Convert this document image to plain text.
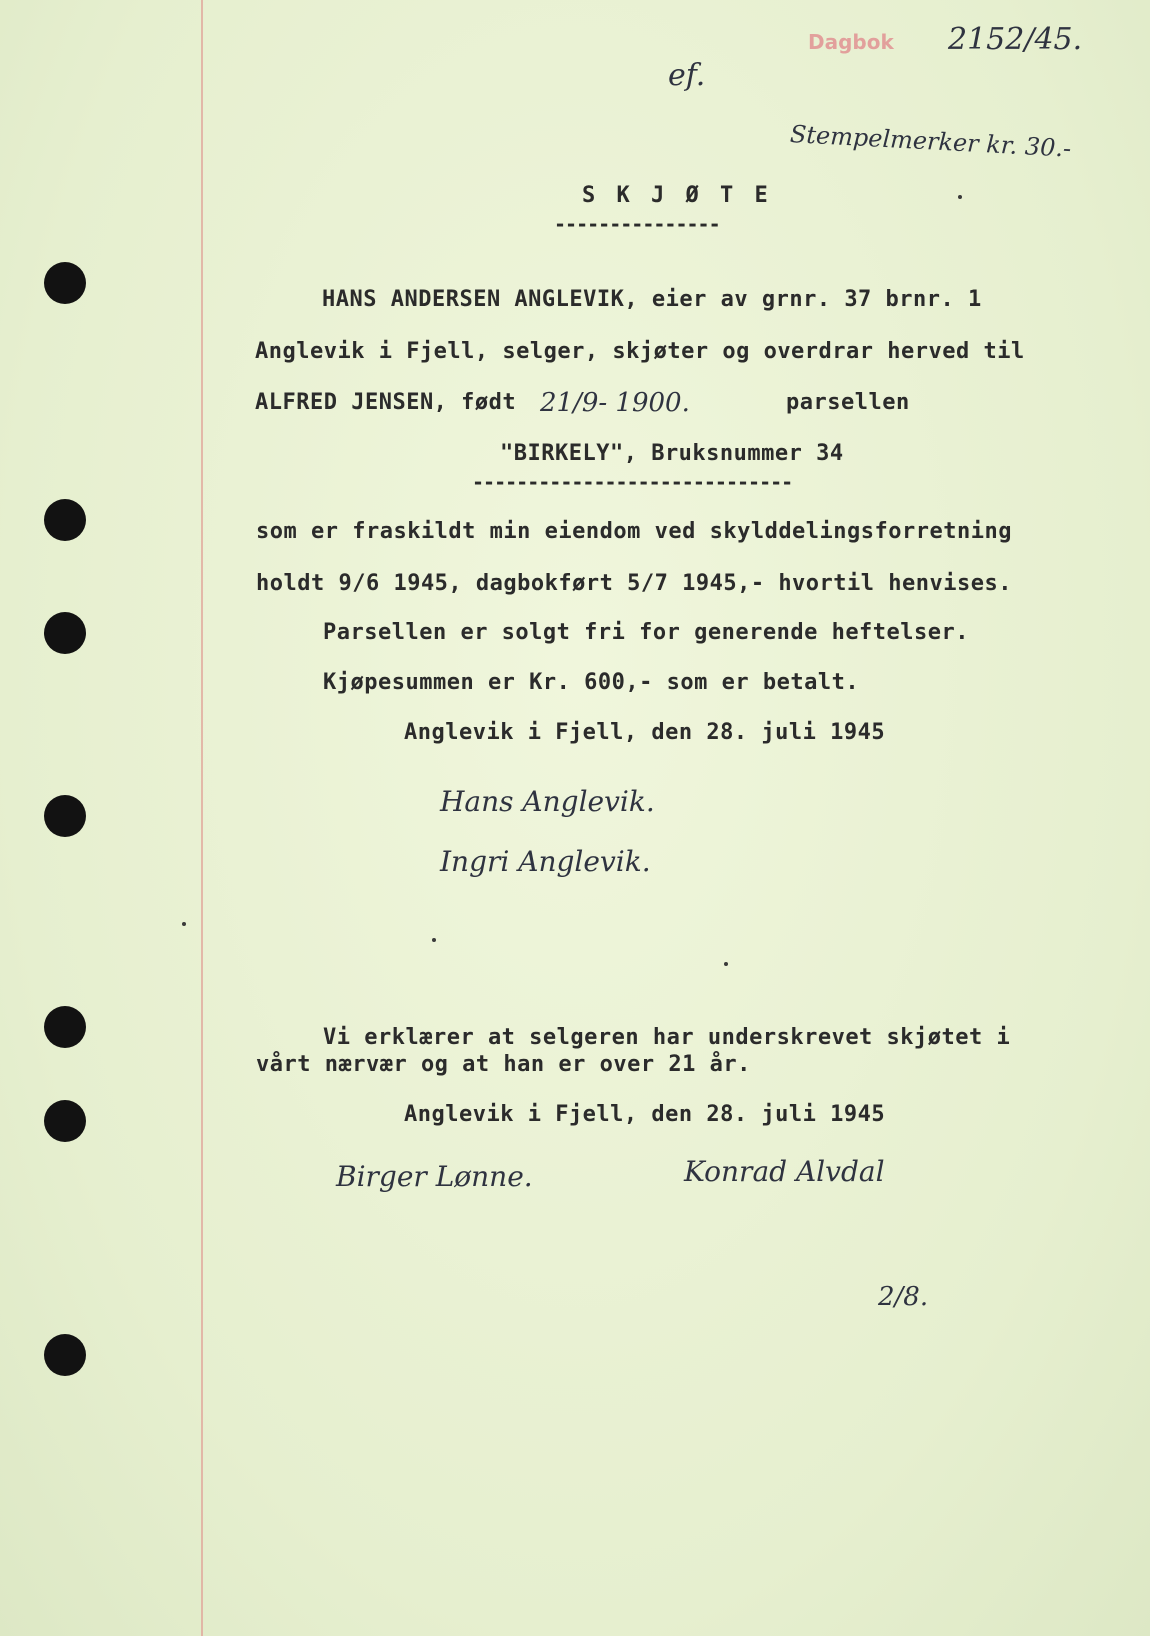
Dagbok 2152/45.
ef.
Stempelmerker kr. 30.-
S K J Ø T E
---------------
HANS ANDERSEN ANGLEVIK, eier av grnr. 37 brnr. 1
Anglevik i Fjell, selger, skjøter og overdrar herved til
ALFRED JENSEN, født 21/9- 1900.	parsellen
"BIRKELY", Bruksnummer 34
-----------------------------
som er fraskildt min eiendom ved skylddelingsforretning
holdt 9/6 1945, dagbokført 5/7 1945,- hvortil henvises.
Parsellen er solgt fri for generende heftelser.
Kjøpesummen er Kr. 600,- som er betalt.
Anglevik i Fjell, den 28. juli 1945
Hans Anglevik.
Ingri Anglevik.
Vi erklærer at selgeren har underskrevet skjøtet i
vårt nærvær og at han er over 21 år.
Anglevik i Fjell, den 28. juli 1945
Birger Lønne.	Konrad Alvdal
2/8.
